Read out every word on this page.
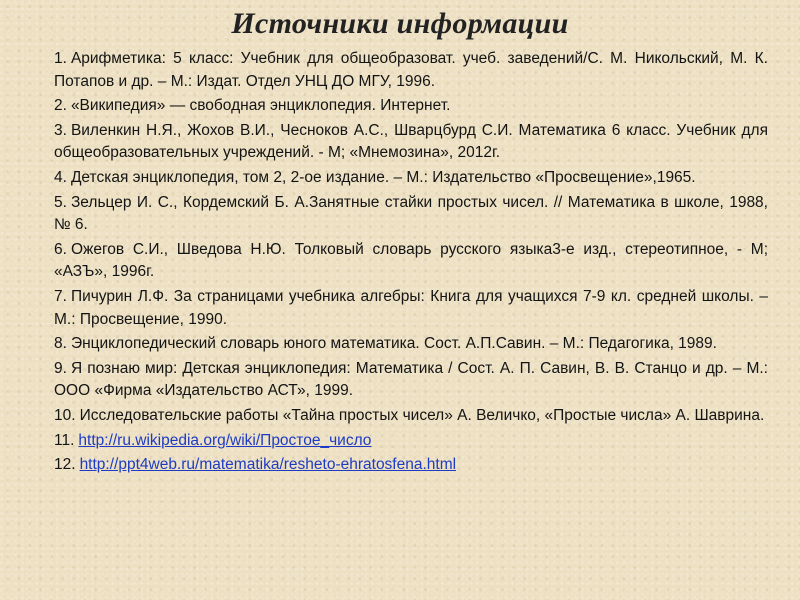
Источники информации

1. Арифметика: 5 класс: Учебник для общеобразоват. учеб. заведений/С. М. Никольский, М. К. Потапов и др. – М.: Издат. Отдел УНЦ ДО МГУ, 1996.

2. «Википедия» — свободная энциклопедия. Интернет.

3. Виленкин Н.Я., Жохов В.И., Чесноков А.С., Шварцбурд С.И. Математика 6 класс. Учебник для общеобразовательных учреждений. - М; «Мнемозина», 2012г.

4. Детская энциклопедия, том 2, 2-ое издание. – М.: Издательство «Просвещение»,1965.

5. Зельцер И. С., Кордемский Б. А.Занятные стайки простых чисел. // Математика в школе, 1988, № 6.

6. Ожегов С.И., Шведова Н.Ю. Толковый словарь русского языка3-е изд., стереотипное, - М; «АЗЪ», 1996г.

7. Пичурин Л.Ф. За страницами учебника алгебры: Книга для учащихся 7-9 кл. средней школы. – М.: Просвещение, 1990.

8. Энциклопедический словарь юного математика. Сост. А.П.Савин. – М.: Педагогика, 1989.

9. Я познаю мир: Детская энциклопедия: Математика / Сост. А. П. Савин, В. В. Станцо и др. – М.: ООО «Фирма «Издательство АСТ», 1999.

10. Исследовательские работы «Тайна простых чисел» А. Величко, «Простые числа» А. Шаврина.

11. http://ru.wikipedia.org/wiki/Простое_число

12. http://ppt4web.ru/matematika/resheto-ehratosfena.html
